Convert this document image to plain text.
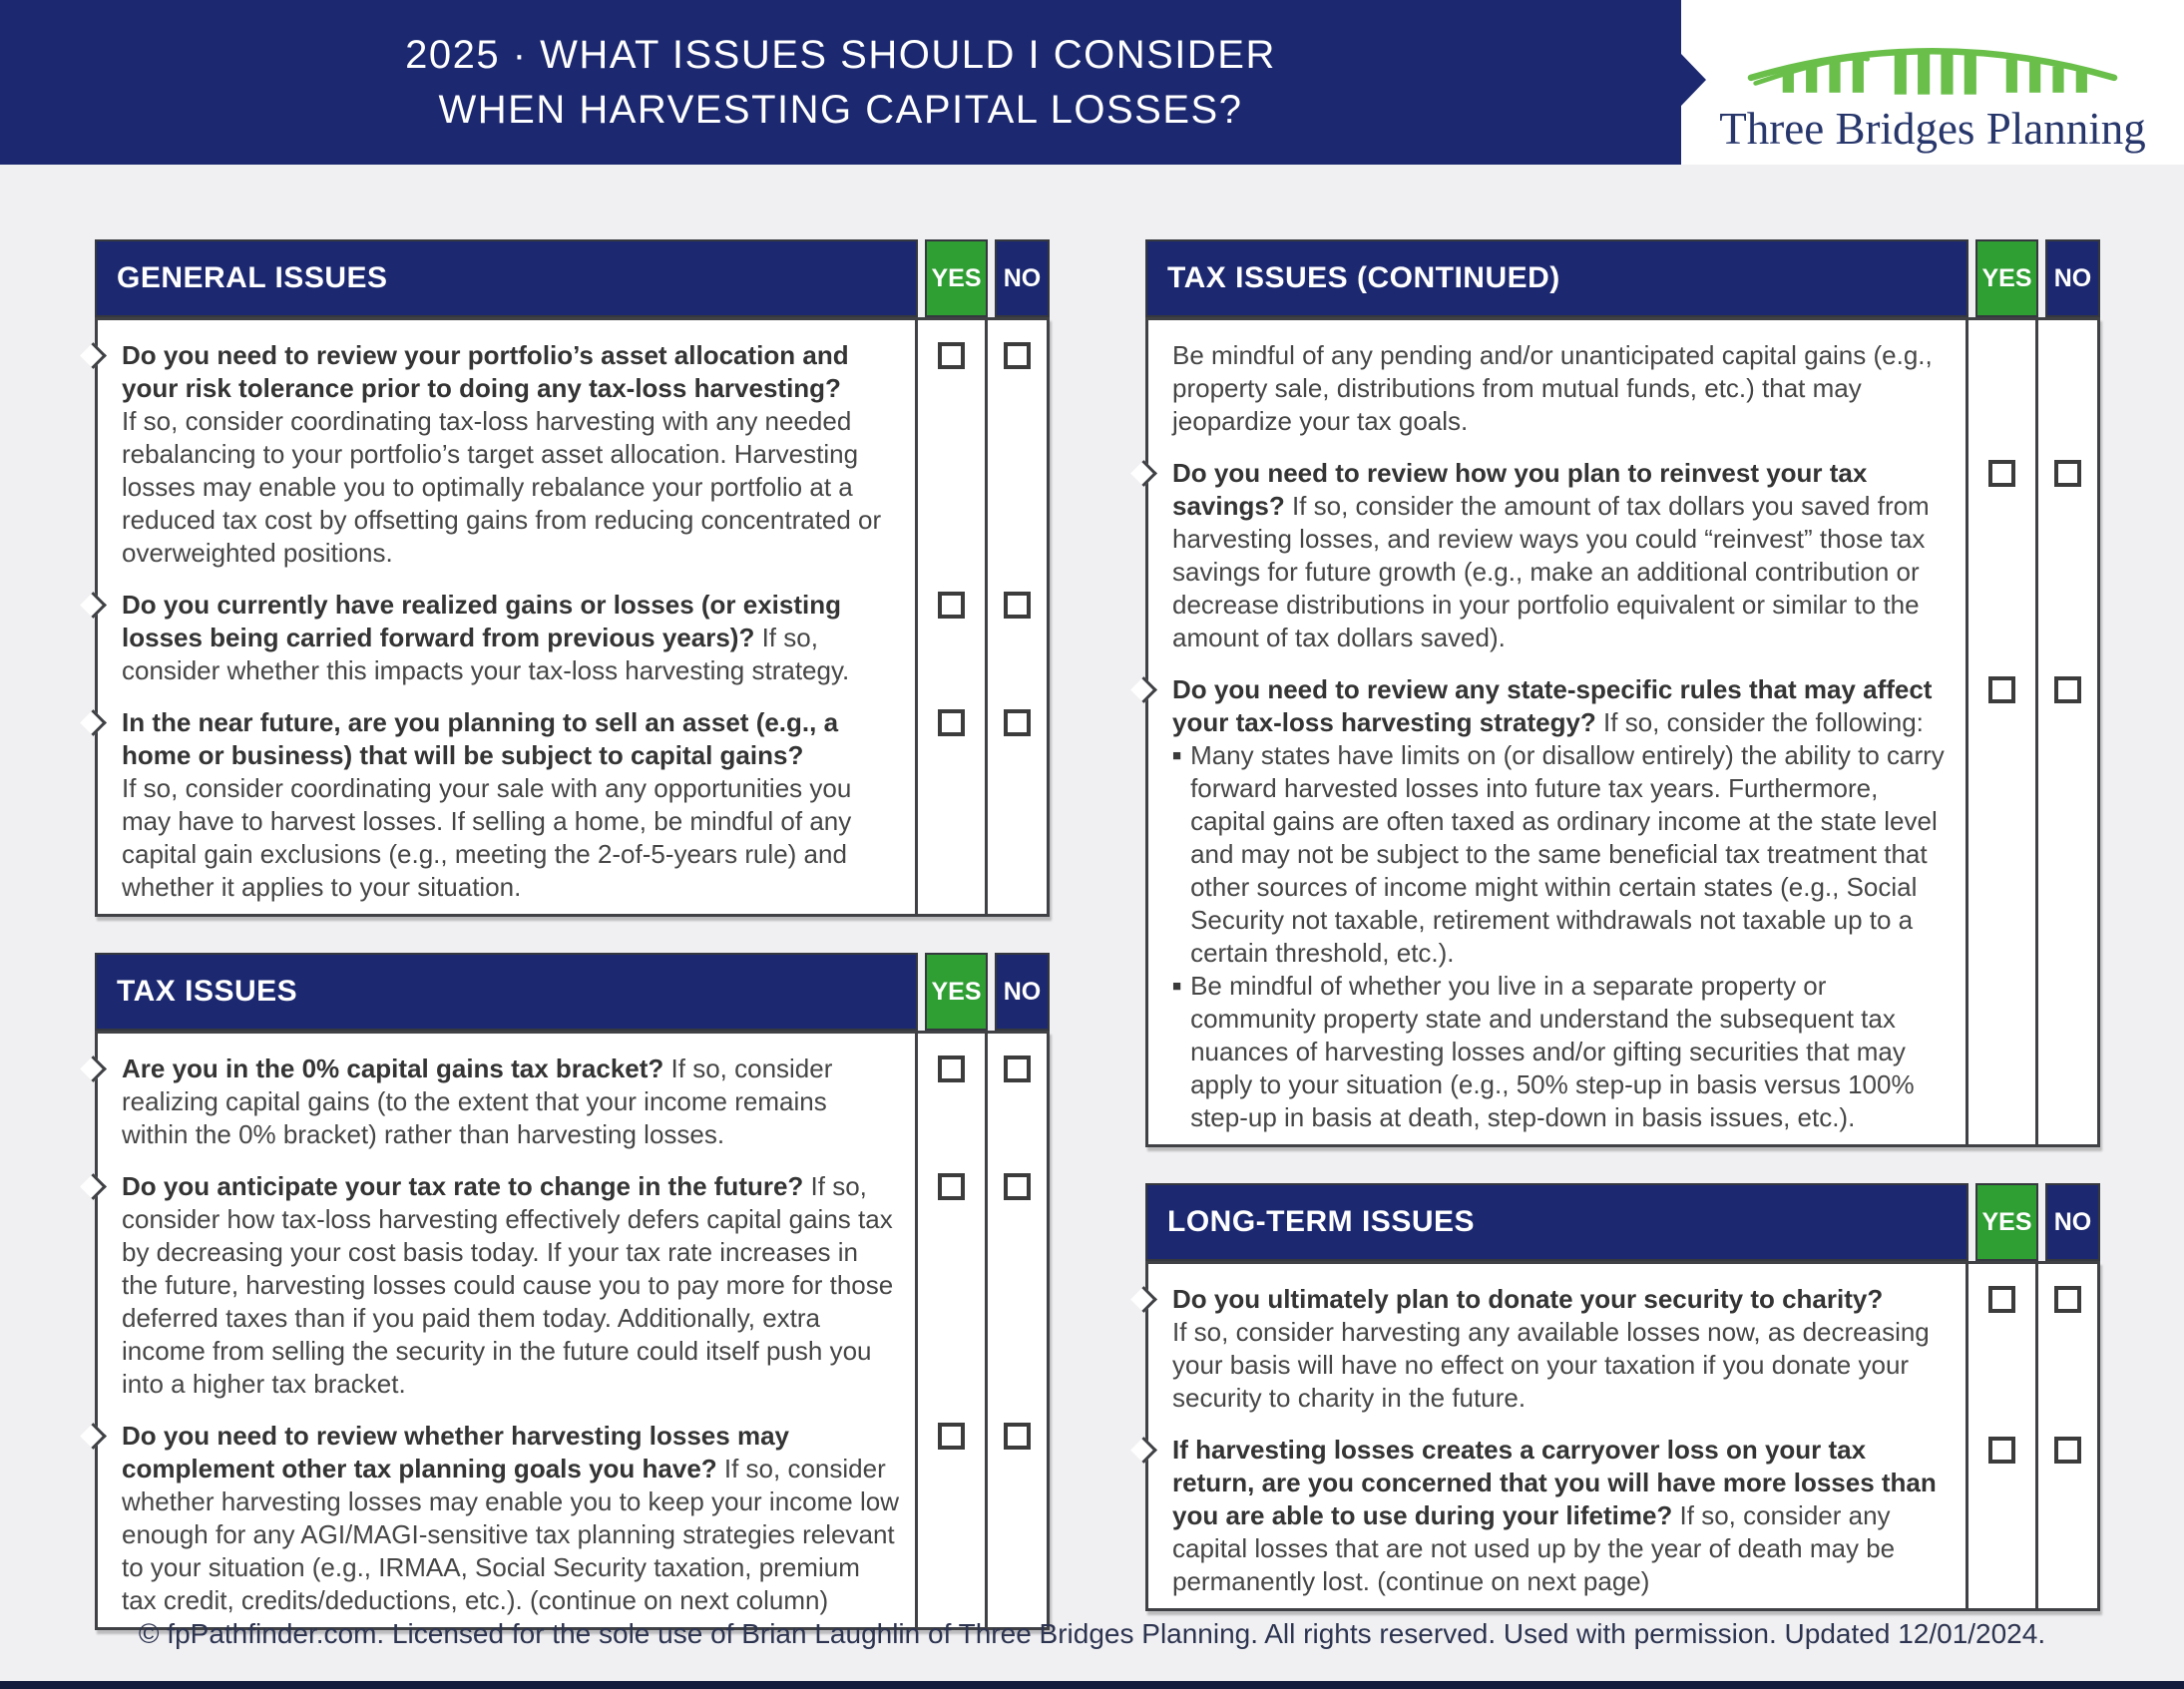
2025 · WHAT ISSUES SHOULD I CONSIDER
WHEN HARVESTING CAPITAL LOSSES?	Three Bridges Planning
GENERAL ISSUES	YES NO
Do you need to review your portfolio’s asset allocation and your risk tolerance prior to doing any tax-loss harvesting?
If so, consider coordinating tax-loss harvesting with any needed rebalancing to your portfolio’s target asset allocation. Harvesting losses may enable you to optimally rebalance your portfolio at a reduced tax cost by offsetting gains from reducing concentrated or overweighted positions.
Do you currently have realized gains or losses (or existing losses being carried forward from previous years)? If so, consider whether this impacts your tax-loss harvesting strategy.
In the near future, are you planning to sell an asset (e.g., a home or business) that will be subject to capital gains?
If so, consider coordinating your sale with any opportunities you may have to harvest losses. If selling a home, be mindful of any capital gain exclusions (e.g., meeting the 2-of-5-years rule) and whether it applies to your situation.
TAX ISSUES	YES NO
Are you in the 0% capital gains tax bracket? If so, consider realizing capital gains (to the extent that your income remains within the 0% bracket) rather than harvesting losses.
Do you anticipate your tax rate to change in the future? If so, consider how tax-loss harvesting effectively defers capital gains tax by decreasing your cost basis today. If your tax rate increases in the future, harvesting losses could cause you to pay more for those deferred taxes than if you paid them today. Additionally, extra income from selling the security in the future could itself push you into a higher tax bracket.
Do you need to review whether harvesting losses may complement other tax planning goals you have? If so, consider whether harvesting losses may enable you to keep your income low enough for any AGI/MAGI-sensitive tax planning strategies relevant to your situation (e.g., IRMAA, Social Security taxation, premium tax credit, credits/deductions, etc.). (continue on next column)
TAX ISSUES (CONTINUED)	YES NO
Be mindful of any pending and/or unanticipated capital gains (e.g., property sale, distributions from mutual funds, etc.) that may jeopardize your tax goals.
Do you need to review how you plan to reinvest your tax savings? If so, consider the amount of tax dollars you saved from harvesting losses, and review ways you could “reinvest” those tax savings for future growth (e.g., make an additional contribution or decrease distributions in your portfolio equivalent or similar to the amount of tax dollars saved).
Do you need to review any state-specific rules that may affect your tax-loss harvesting strategy? If so, consider the following:
■ Many states have limits on (or disallow entirely) the ability to carry forward harvested losses into future tax years. Furthermore, capital gains are often taxed as ordinary income at the state level and may not be subject to the same beneficial tax treatment that other sources of income might within certain states (e.g., Social Security not taxable, retirement withdrawals not taxable up to a certain threshold, etc.).
■ Be mindful of whether you live in a separate property or community property state and understand the subsequent tax nuances of harvesting losses and/or gifting securities that may apply to your situation (e.g., 50% step-up in basis versus 100% step-up in basis at death, step-down in basis issues, etc.).
LONG-TERM ISSUES	YES NO
Do you ultimately plan to donate your security to charity?
If so, consider harvesting any available losses now, as decreasing your basis will have no effect on your taxation if you donate your security to charity in the future.
If harvesting losses creates a carryover loss on your tax return, are you concerned that you will have more losses than you are able to use during your lifetime? If so, consider any capital losses that are not used up by the year of death may be permanently lost. (continue on next page)
© fpPathfinder.com. Licensed for the sole use of Brian Laughlin of Three Bridges Planning. All rights reserved. Used with permission. Updated 12/01/2024.
